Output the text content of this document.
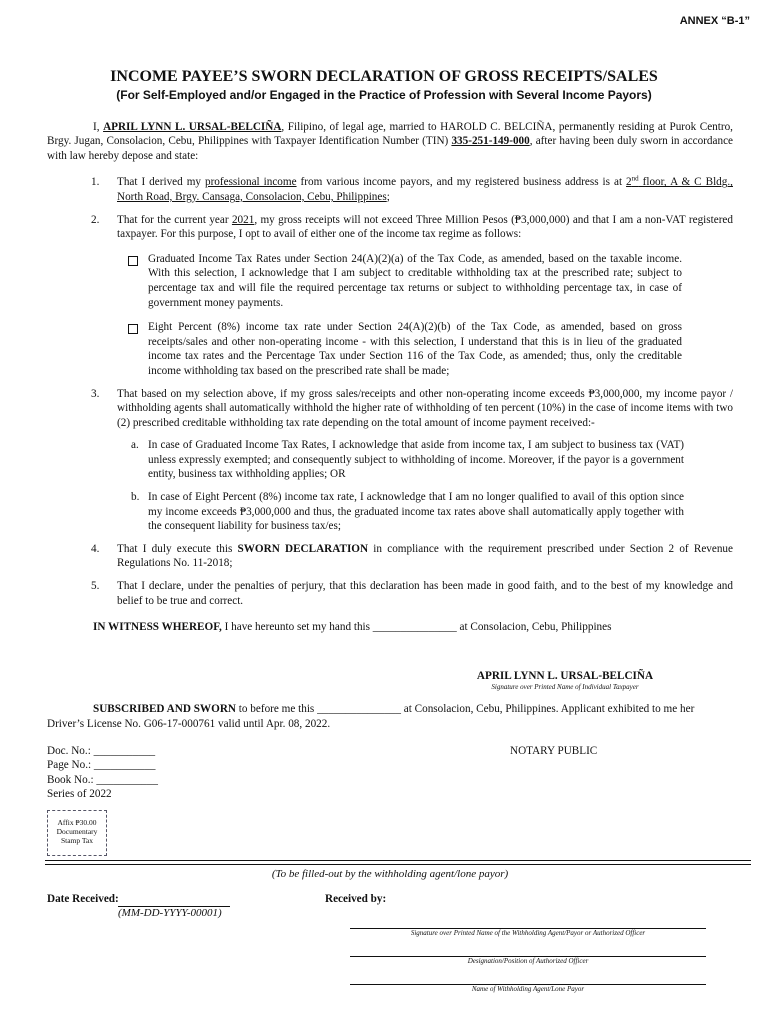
ANNEX “B-1”
INCOME PAYEE’S SWORN DECLARATION OF GROSS RECEIPTS/SALES
(For Self-Employed and/or Engaged in the Practice of Profession with Several Income Payors)
I, APRIL LYNN L. URSAL-BELCIÑA, Filipino, of legal age, married to HAROLD C. BELCIÑA, permanently residing at Purok Centro, Brgy. Jugan, Consolacion, Cebu, Philippines with Taxpayer Identification Number (TIN) 335-251-149-000, after having been duly sworn in accordance with law hereby depose and state:
1.	That I derived my professional income from various income payors, and my registered business address is at 2nd floor, A & C Bldg., North Road, Brgy. Cansaga, Consolacion, Cebu, Philippines;
2.	That for the current year 2021, my gross receipts will not exceed Three Million Pesos (₱3,000,000) and that I am a non-VAT registered taxpayer. For this purpose, I opt to avail of either one of the income tax regime as follows:
Graduated Income Tax Rates under Section 24(A)(2)(a) of the Tax Code, as amended, based on the taxable income. With this selection, I acknowledge that I am subject to creditable withholding tax at the prescribed rate; subject to percentage tax and will file the required percentage tax returns or subject to withholding percentage tax, in case of government money payments.
Eight Percent (8%) income tax rate under Section 24(A)(2)(b) of the Tax Code, as amended, based on gross receipts/sales and other non-operating income - with this selection, I understand that this is in lieu of the graduated income tax rates and the Percentage Tax under Section 116 of the Tax Code, as amended; thus, only the creditable income withholding tax based on the prescribed rate shall be made;
3.	That based on my selection above, if my gross sales/receipts and other non-operating income exceeds ₱3,000,000, my income payor / withholding agents shall automatically withhold the higher rate of withholding of ten percent (10%) in the case of income items with two (2) prescribed creditable withholding tax rate depending on the total amount of income payment received:-
a. In case of Graduated Income Tax Rates, I acknowledge that aside from income tax, I am subject to business tax (VAT) unless expressly exempted; and consequently subject to withholding of income. Moreover, if the payor is a government entity, business tax withholding applies; OR
b. In case of Eight Percent (8%) income tax rate, I acknowledge that I am no longer qualified to avail of this option since my income exceeds ₱3,000,000 and thus, the graduated income tax rates above shall automatically apply together with the consequent liability for business tax/es;
4.	That I duly execute this SWORN DECLARATION in compliance with the requirement prescribed under Section 2 of Revenue Regulations No. 11-2018;
5.	That I declare, under the penalties of perjury, that this declaration has been made in good faith, and to the best of my knowledge and belief to be true and correct.
IN WITNESS WHEREOF, I have hereunto set my hand this _______________ at Consolacion, Cebu, Philippines
APRIL LYNN L. URSAL-BELCIÑA
Signature over Printed Name of Individual Taxpayer
SUBSCRIBED AND SWORN to before me this _______________ at Consolacion, Cebu, Philippines. Applicant exhibited to me her
Driver’s License No. G06-17-000761 valid until Apr. 08, 2022.
Doc. No.: ___________
Page No.: ___________
Book No.: ___________
Series of 2022
NOTARY PUBLIC
Affix ₱30.00
Documentary
Stamp Tax
(To be filled-out by the withholding agent/lone payor)
Date Received:
(MM-DD-YYYY-00001)
Received by:
Signature over Printed Name of the Withholding Agent/Payor or Authorized Officer
Designation/Position of Authorized Officer
Name of Withholding Agent/Lone Payor
